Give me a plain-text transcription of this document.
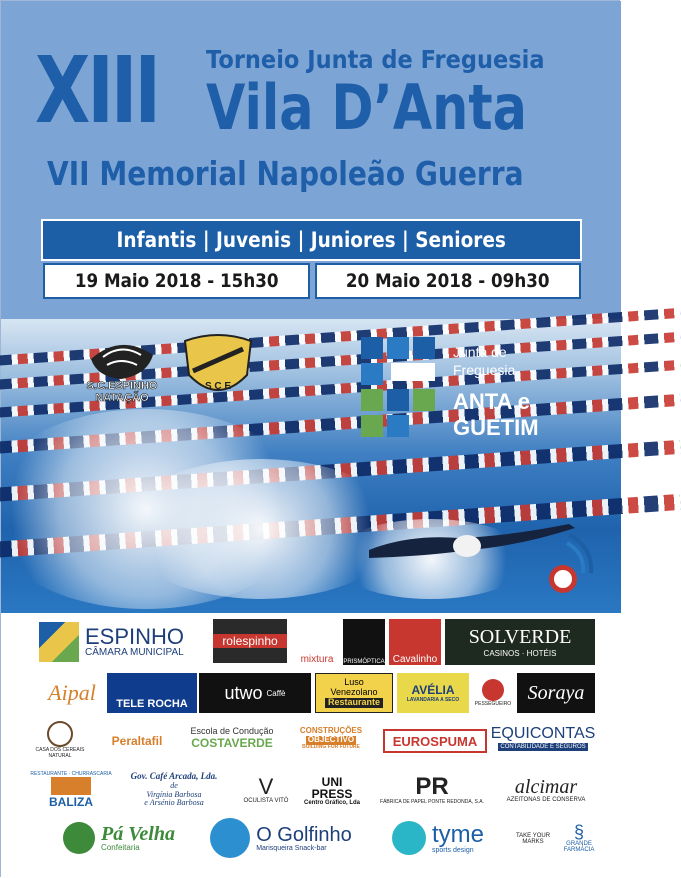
XIII Torneio Junta de Freguesia
Vila D’Anta
VII Memorial Napoleão Guerra
Infantis | Juvenis | Juniores | Seniores
19 Maio 2018 - 15h30	20 Maio 2018 - 09h30
S.C.ESPINHO
NATAÇÃO
S C E
Junta de
Freguesia
ANTA e
GUETIM
ESPINHO
CÂMARA MUNICIPAL
rolespinho
mixtura PRISMÓPTICA Cavalinho
SOLVERDE
CASINOS · HOTÉIS
Aipal TELE ROCHA
utwo Caffè
Luso
Venezolano
Restaurante
AVÉLIA
LAVANDARIA A SECO
PESSEGUEIRO
Soraya
CASA DOS CEREAIS NATURAL
Peraltafil
Escola de Condução
COSTAVERDE
CONSTRUÇÕES
OBJECTIVO
BUILDING FOR FUTURE	EUROSPUMA EQUICONTAS
CONTABILIDADE E SEGUROS
RESTAURANTE · CHURRASCARIA
BALIZA
Gov. Café Arcada, Lda.
de
Virgínia Barbosa
e Arsénio Barbosa
V
OCULISTA VITÓ
UNI
PRESS
Centro Gráfico, Lda
PR
FÁBRICA DE PAPEL PONTE REDONDA, S.A.
alcimar
AZEITONAS DE CONSERVA
Pá Velha
Confeitaria
O Golfinho
Marisqueira Snack-bar
tyme
sports design
TAKE YOUR MARKS	§
GRANDE FARMÁCIA
